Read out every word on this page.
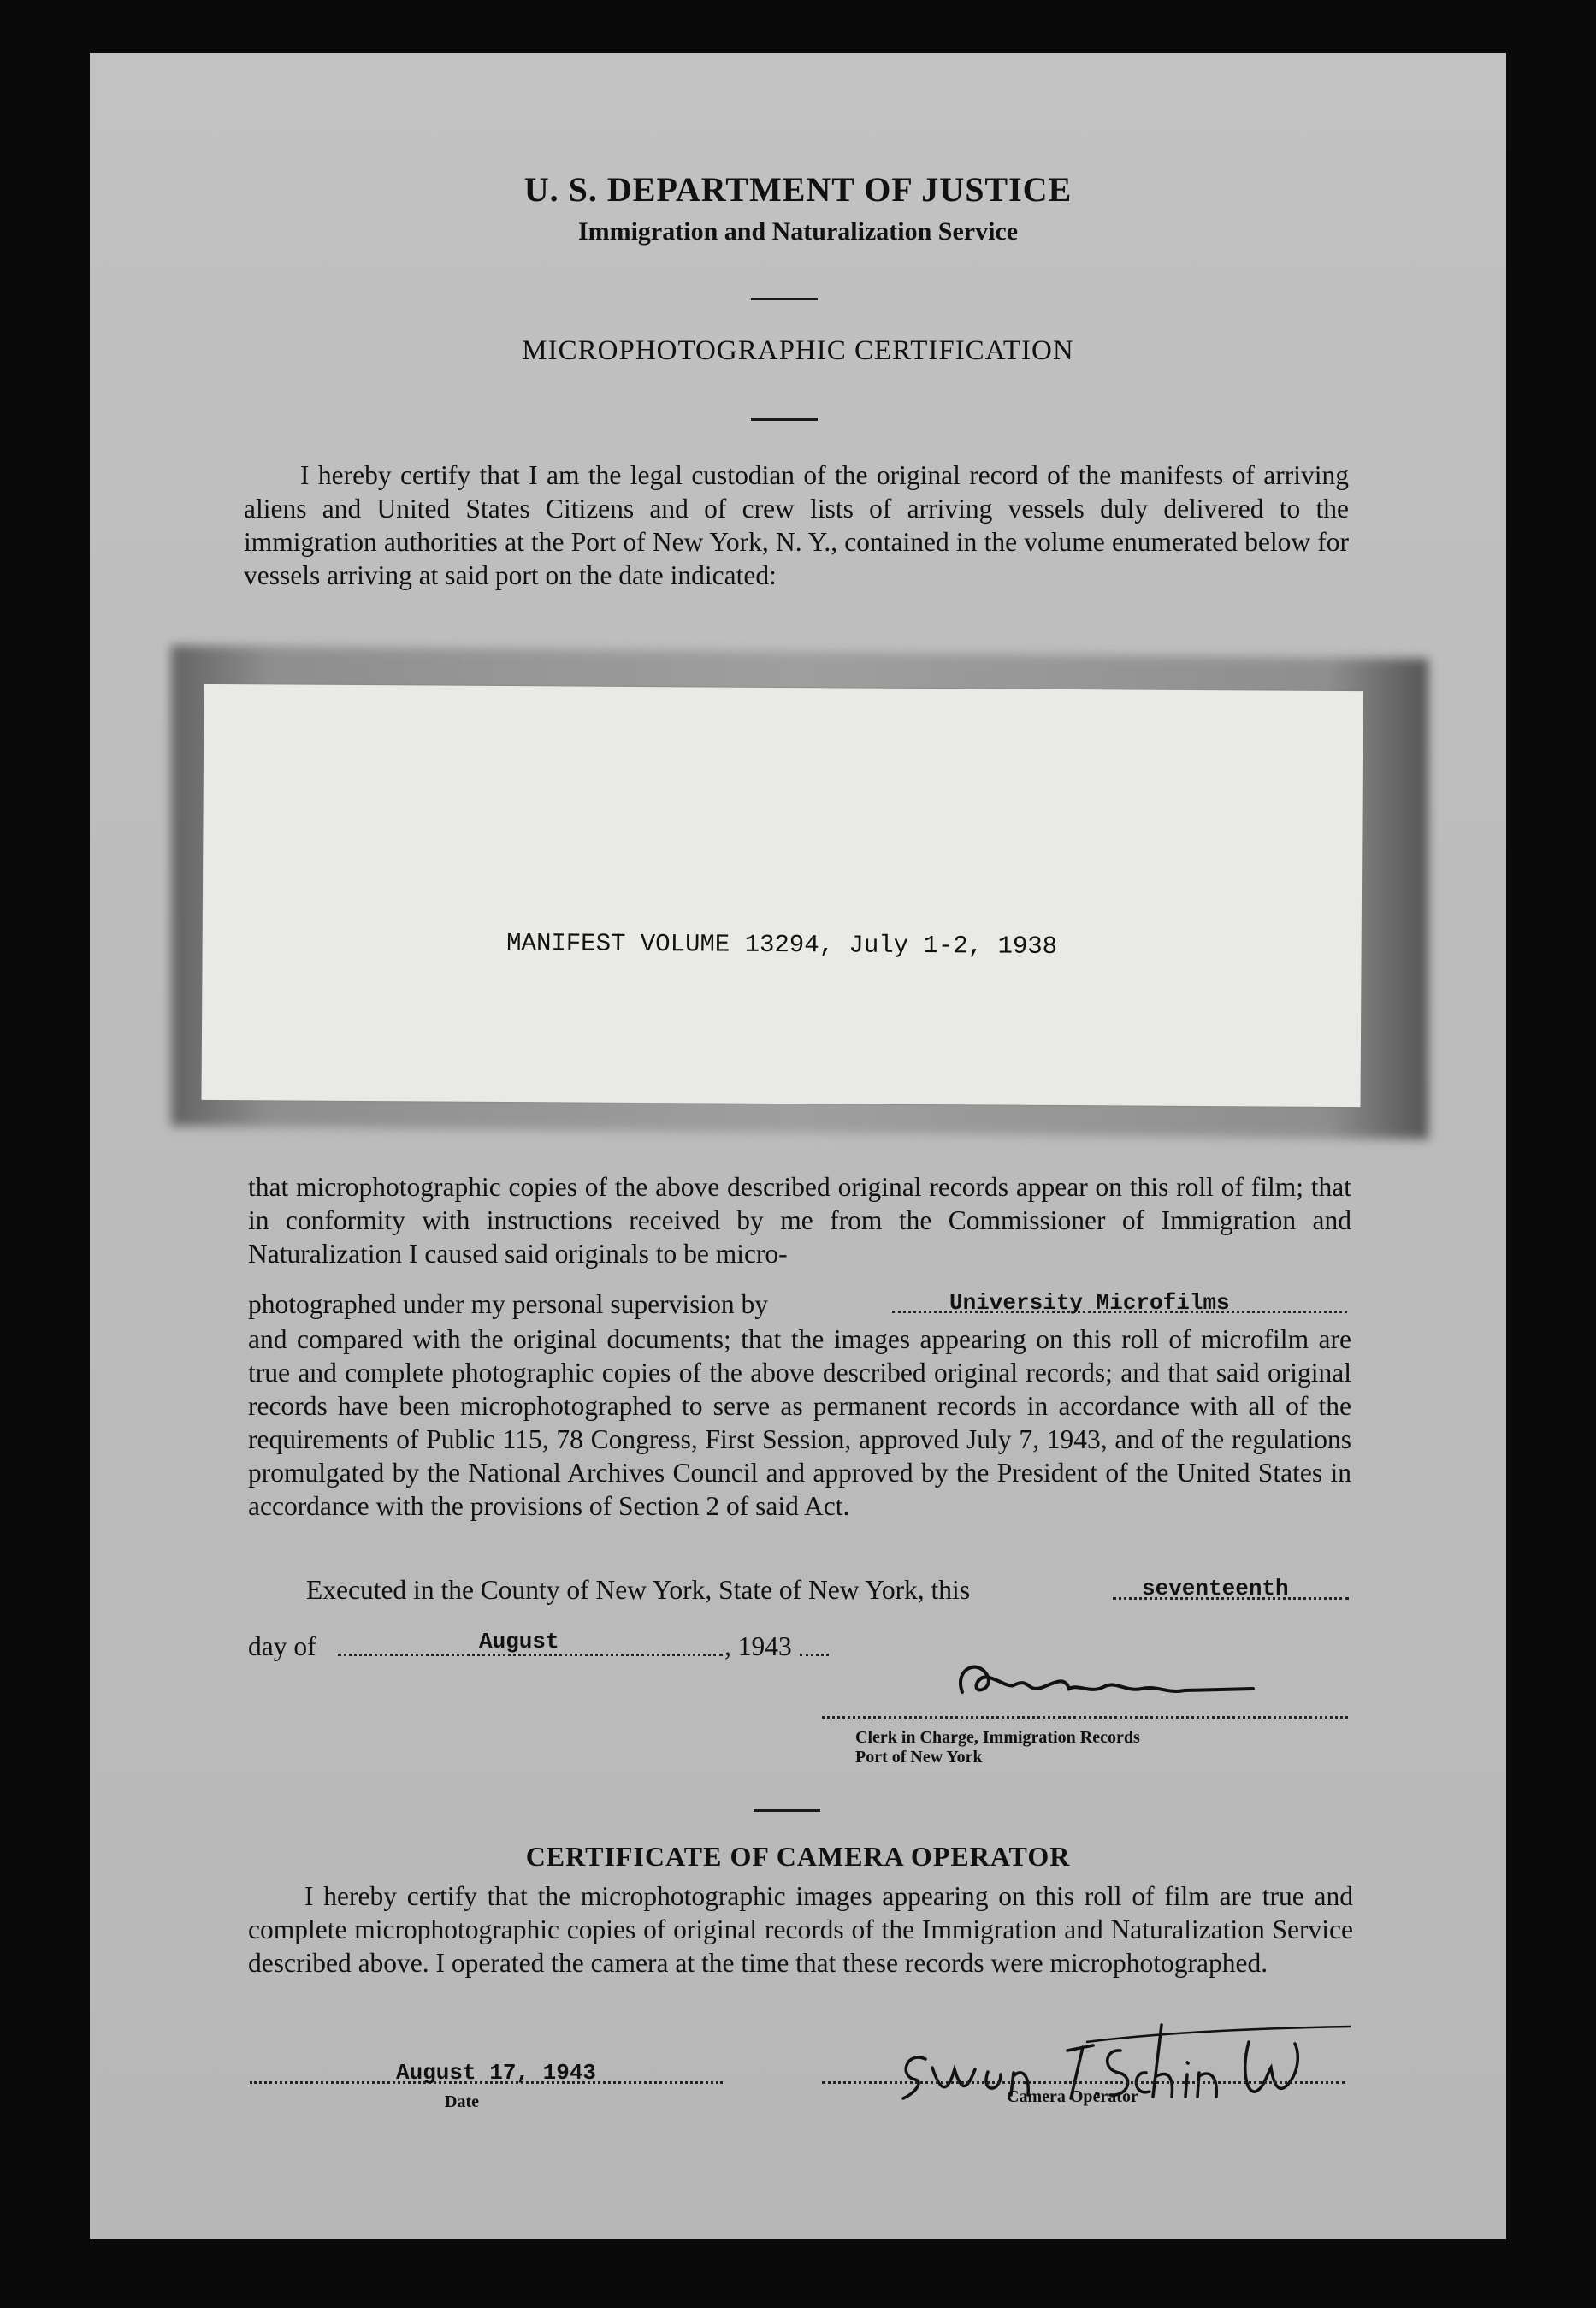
U. S. DEPARTMENT OF JUSTICE
Immigration and Naturalization Service
MICROPHOTOGRAPHIC CERTIFICATION

I hereby certify that I am the legal custodian of the original record of the manifests of arriving aliens and United States Citizens and of crew lists of arriving vessels duly delivered to the immigration authorities at the Port of New York, N. Y., contained in the volume enumerated below for vessels arriving at said port on the date indicated:

MANIFEST VOLUME 13294, July 1-2, 1938

that microphotographic copies of the above described original records appear on this roll of film; that in conformity with instructions received by me from the Commissioner of Immigration and Naturalization I caused said originals to be micro-

photographed under my personal supervision by	University Microfilms

and compared with the original documents; that the images appearing on this roll of microfilm are true and complete photographic copies of the above described original records; and that said original records have been microphotographed to serve as permanent records in accordance with all of the requirements of Public 115, 78 Congress, First Session, approved July 7, 1943, and of the regulations promulgated by the National Archives Council and approved by the President of the United States in accordance with the provisions of Section 2 of said Act.

Executed in the County of New York, State of New York, this	seventeenth
day of	August	, 1943
Clerk in Charge, Immigration Records
Port of New York
CERTIFICATE OF CAMERA OPERATOR

I hereby certify that the microphotographic images appearing on this roll of film are true and complete microphotographic copies of original records of the Immigration and Naturalization Service described above. I operated the camera at the time that these records were microphotographed.

August 17, 1943
Date	Camera Operator
